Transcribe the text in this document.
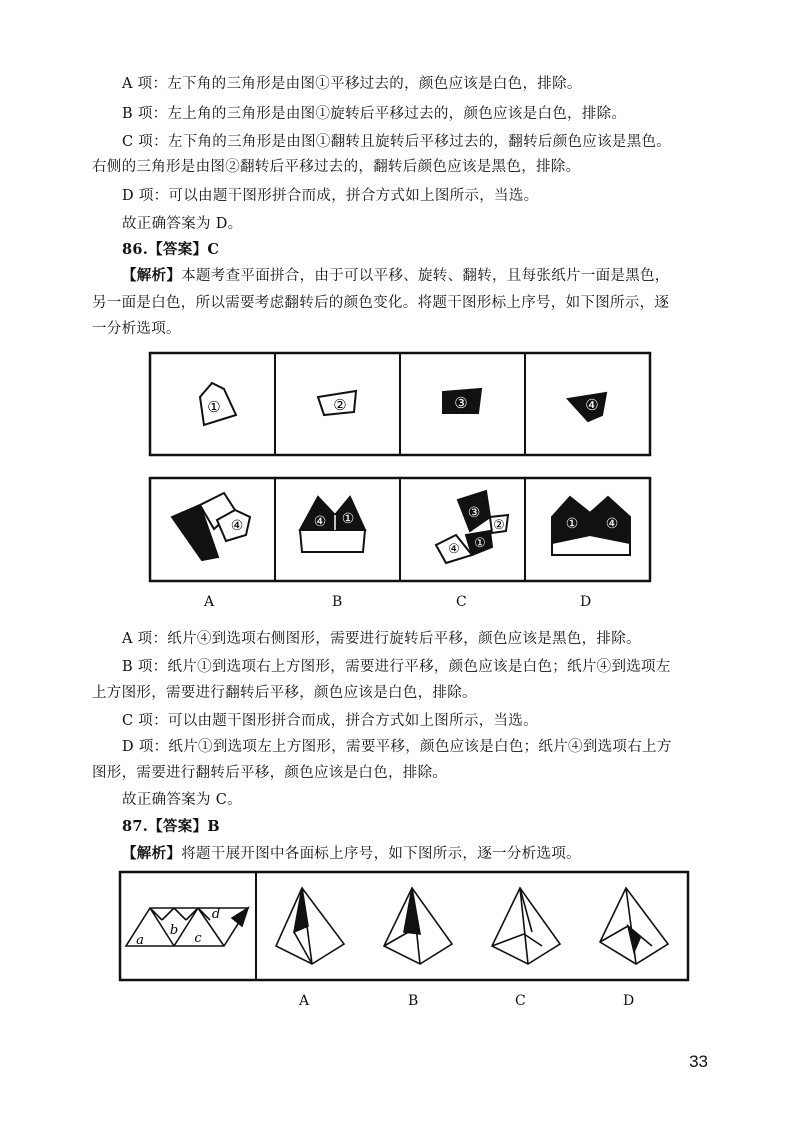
A 项：左下角的三角形是由图①平移过去的，颜色应该是白色，排除。
B 项：左上角的三角形是由图①旋转后平移过去的，颜色应该是白色，排除。
C 项：左下角的三角形是由图①翻转且旋转后平移过去的，翻转后颜色应该是黑色。
右侧的三角形是由图②翻转后平移过去的，翻转后颜色应该是黑色，排除。
D 项：可以由题干图形拼合而成，拼合方式如上图所示，当选。
故正确答案为 D。
86.【答案】C
【解析】本题考查平面拼合，由于可以平移、旋转、翻转，且每张纸片一面是黑色，
另一面是白色，所以需要考虑翻转后的颜色变化。将题干图形标上序号，如下图所示，逐
一分析选项。
①	②	③	④
④	④ ①	③
②
①
④
① ④
A	B	C	D
A 项：纸片④到选项右侧图形，需要进行旋转后平移，颜色应该是黑色，排除。
B 项：纸片①到选项右上方图形，需要进行平移，颜色应该是白色；纸片④到选项左
上方图形，需要进行翻转后平移，颜色应该是白色，排除。
C 项：可以由题干图形拼合而成，拼合方式如上图所示，当选。
D 项：纸片①到选项左上方图形，需要平移，颜色应该是白色；纸片④到选项右上方
图形，需要进行翻转后平移，颜色应该是白色，排除。
故正确答案为 C。
87.【答案】B
【解析】将题干展开图中各面标上序号，如下图所示，逐一分析选项。
a
b
c
d
A	B	C	D
33
